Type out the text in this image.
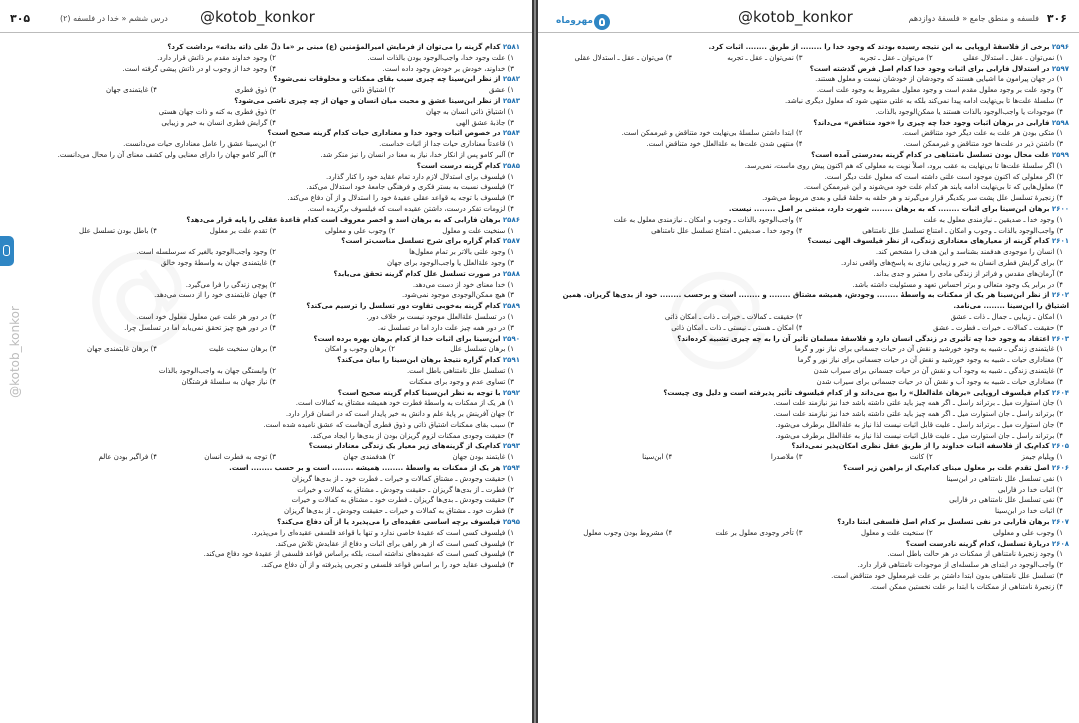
۳۰۵	@kotob_konkor
درس ششم « خدا در فلسفه (۲)
@kotob_konkor
۲۵۸۱ کدام گزینه را می‌توان از فرمایش امیرالمؤمنین (ع) مبنی بر «ما ذلّ علی ذاته بذاته» برداشت کرد؟
۱) علت وجود خدا، واجب‌الوجود بودن بالذات است.
۲) وجود خداوند مقدم بر ذاتش قرار دارد.
۳) خداوند، خودش بر خودش وجود داده است.
۴) وجود خدا از وجوب او در ذاتش پیشی گرفته است.
۲۵۸۲ از نظر ابن‌سینا چه چیزی سبب بقای ممکنات و مخلوقات نمی‌شود؟
۱) عشق
۲) اشتیاق ذاتی
۳) ذوق فطری
۴) غایتمندی جهان
۲۵۸۳ از نظر ابن‌سینا عشق و محبت میان انسان و جهان از چه چیزی ناشی می‌شود؟
۱) اشتیاق ذاتی انسان به جهان
۲) ذوق فطری به کنه و ذات جهان هستی
۳) جاذبهٔ عشق الهی
۴) گرایش فطری انسان به خیر و زیبایی
۲۵۸۴ در خصوص اثبات وجود خدا و معناداری حیات کدام گزینه صحیح است؟
۱) قاعدتاً معناداری حیات جدا از اثبات خداست.
۲) ابن‌سینا عشق را عامل معناداری حیات می‌دانست.
۳) آلبر کامو پس از انکار خدا، نیاز به معنا در انسان را نیز منکر شد.
۴) آلبر کامو جهان را دارای معنایی ولی کشف معنای آن را محال می‌دانست.
۲۵۸۵ کدام گزینه درست است؟
۱) فیلسوف برای استدلال لازم دارد تمام عقاید خود را کنار گذارد.
۲) فیلسوف نسبت به بستر فکری و فرهنگی جامعهٔ خود استدلال می‌کند.
۳) فیلسوف با توجه به قواعد عقلی عقیدهٔ خود را استدلال و از آن دفاع می‌کند.
۴) لزومات تفکر درست، داشتن عقیده است که فیلسوف برگزیده است.
۲۵۸۶ برهان فارابی که به برهان اسد و اخصر معروف است کدام قاعدهٔ عقلی را پایه قرار می‌دهد؟
۱) سنخیت علت و معلول
۲) وجوب علی و معلولی
۳) تقدم علت بر معلول
۴) باطل بودن تسلسل علل
۲۵۸۷ کدام گزاره برای شرح تسلسل مناسب‌تر است؟
۱) وجود علتی بالاتر بر تمام معلول‌ها
۲) وجود واجب‌الوجود بالغیر که سرسلسله است.
۳) وجود علةالعلل یا واجب‌الوجود برای جهان
۴) غایتمندی جهان به واسطهٔ وجود خالق
۲۵۸۸ در صورت تسلسل علل کدام گزینه تحقق می‌یابد؟
۱) خدا معنای خود از دست می‌دهد.
۲) پوچی زندگی را فرا می‌گیرد.
۳) هیچ ممکن‌الوجودی موجود نمی‌شود.
۴) جهان غایتمندی خود را از دست می‌دهد.
۲۵۸۹ کدام گزینه به‌خوبی تفاوت دور تسلسل را ترسیم می‌کند؟
۱) در تسلسل علةالعلل موجود نیست بر خلاف دور.
۲) در دور هر علت عین معلول معلول خود است.
۳) در دور همه چیز علت دارد اما در تسلسل نه.
۴) در دور هیچ چیز تحقق نمی‌یابد اما در تسلسل چرا.
۲۵۹۰ ابن‌سینا برای اثبات خدا از کدام برهان بهره برده است؟
۱) برهان تسلسل علل
۲) برهان وجوب و امکان
۳) برهان سنخیت علیت
۴) برهان غایتمندی جهان
۲۵۹۱ کدام گزاره نتیجهٔ برهان ابن‌سینا را بیان می‌کند؟
۱) تسلسل علل نامتناهی باطل است.
۲) وابستگی جهان به واجب‌الوجود بالذات
۳) تساوی عدم و وجود برای ممکنات
۴) نیاز جهان به سلسلهٔ فرشتگان
۲۵۹۲ با توجه به نظر ابن‌سینا کدام گزینه صحیح است؟
۱) هر یک از ممکنات به واسطهٔ فطرت خود همیشه مشتاق به کمالات است.
۲) جهان آفرینش بر پایهٔ علم و دانش به خیر پایدار است که در انسان قرار دارد.
۳) سبب بقای ممکنات اشتیاق ذاتی و ذوق فطری آن‌هاست که عشق نامیده شده است.
۴) حقیقت وجودی ممکنات لزوم گریزان بودن از بدی‌ها را ایجاد می‌کند.
۲۵۹۳ کدام‌یک از گزینه‌های زیر معیار یک زندگی معنادار نیست؟
۱) غایتمند بودن جهان
۲) هدفمندی جهان
۳) توجه به فطرت انسان
۴) فراگیر بودن عالم
۲۵۹۴ هر یک از ممکنات به واسطهٔ ........ همیشه ........ است و بر حسب ........ است.
۱) حقیقت وجودش ـ مشتاق کمالات و خیرات ـ فطرت خود ـ از بدی‌ها گریزان
۲) فطرت ـ از بدی‌ها گریزان ـ حقیقت وجودش ـ مشتاق به کمالات و خیرات
۳) حقیقت وجودش ـ بدی‌ها گریزان ـ فطرت خود ـ مشتاق به کمالات و خیرات
۴) فطرت خود ـ مشتاق به کمالات و خیرات ـ حقیقت وجودش ـ از بدی‌ها گریزان
۲۵۹۵ فیلسوف برچه اساسی عقیده‌ای را می‌پذیرد یا از آن دفاع می‌کند؟
۱) فیلسوف کسی است که عقیدهٔ خاصی ندارد و تنها با قواعد فلسفی عقیده‌ای را می‌پذیرد.
۲) فیلسوف کسی است که از هر راهی برای اثبات و دفاع از عقایدش تلاش می‌کند.
۳) فیلسوف کسی است که عقیده‌های نداشته است، بلکه براساس قواعد فلسفی از عقیدهٔ خود دفاع می‌کند.
۴) فیلسوف عقاید خود را بر اساس قواعد فلسفی و تجربی پذیرفته و از آن دفاع می‌کند.
مهروماه	@kotob_konkor	فلسفه و منطق جامع « فلسفهٔ دوازدهم ۳۰۶
۲۵۹۶ برخی از فلاسفهٔ اروپایی به این نتیجه رسیده بودند که وجود خدا را ........ از طریق ........ اثبات کرد.
۱) نمی‌توان ـ عقل ـ استدلال عقلی
۲) می‌توان ـ عقل ـ تجربه
۳) نمی‌توان ـ عقل ـ تجربه
۴) می‌توان ـ عقل ـ استدلال عقلی
۲۵۹۷ در استدلال فارابی برای اثبات وجود خدا کدام اصل فرض گذشته است؟
۱) در جهان پیرامون ما اشیایی هستند که وجودشان از خودشان نیست و معلول هستند.
۲) وجود علت بر وجود معلول مقدم است و وجود معلول مشروط به وجود علت است.
۳) سلسلهٔ علت‌ها تا بی‌نهایت ادامه پیدا نمی‌کند بلکه به علتی منتهی شود که معلول دیگری نباشد.
۴) موجودات یا واجب‌الوجود بالذات هستند یا ممکن‌الوجود بالذات.
۲۵۹۸ فارابی در برهان اثبات وجود خدا چه چیزی را «خود متناقض» می‌داند؟
۱) متکی بودن هر علت به علت دیگر خود متناقض است.
۲) ابتدا داشتن سلسلهٔ بی‌نهایت خود متناقض و غیرممکن است.
۳) داشتن ذیر در علت‌ها خود متناقض و غیرممکن است.
۴) منتهی شدن علت‌ها به علةالعلل خود متناقض است.
۲۵۹۹ علت محال بودن تسلسل نامتناهی در کدام گزینه به‌درستی آمده است؟
۱) اگر سلسلهٔ علت‌ها تا بی‌نهایت به عقب برود، اصلاً نوبت به معلولی که هم اکنون پیش روی ماست، نمی‌رسد.
۲) اگر معلولی که اکنون موجود است علتی داشته است که معلول علت دیگر است.
۳) معلول‌هایی که تا بی‌نهایت ادامه یابند هر کدام علت خود می‌شوند و این غیرممکن است.
۴) زنجیرهٔ تسلسل علل پشت سر یکدیگر قرار می‌گیرند و هر حلقه به حلقهٔ قبلی و بعدی مربوط می‌شود.
۲۶۰۰ برهان ابن‌سینا برای اثبات ........ که به برهان ........ شهرت دارد، مبتنی بر اصل ........ نیست.
۱) وجود خدا ـ صدیقین ـ نیازمندی معلول به علت
۲) واجب‌الوجود بالذات ـ وجوب و امکان ـ نیازمندی معلول به علت
۳) واجب‌الوجود بالذات ـ وجوب و امکان ـ امتناع تسلسل علل نامتناهی
۴) وجود خدا ـ صدیقین ـ امتناع تسلسل علل نامتناهی
۲۶۰۱ کدام گزینه از معیارهای معناداری زندگی، از نظر فیلسوف الهی نیست؟
۱) انسان را موجودی هدفمند بشناسد و این هدف را مشخص کند.
۲) برای گرایش فطری انسان به خیر و زیبایی نیازی به پاسخ‌های واقعی ندارد.
۳) آرمان‌های مقدس و فراتر از زندگی مادی را معتبر و جدی بداند.
۴) در برابر یک وجود متعالی و برتر احساس تعهد و مسئولیت داشته باشد.
۲۶۰۲ از نظر ابن‌سینا هر یک از ممکنات به واسطهٔ ........ وجودش، همیشه مشتاق ........ و ........ است و برحسب ........ خود از بدی‌ها گریزان. همین اشتیاق را ابن‌سینا ........ می‌نامد.
۱) امکان ـ زیبایی ـ جمال ـ ذات ـ عشق
۲) حقیقت ـ کمالات ـ خیرات ـ ذات ـ امکان ذاتی
۳) حقیقت ـ کمالات ـ خیرات ـ فطرت ـ عشق
۴) امکان ـ هستی ـ نیستی ـ ذات ـ امکان ذاتی
۲۶۰۳ اعتقاد به وجود خدا چه تأثیری در زندگی انسان دارد و فلاسفهٔ مسلمان تأثیر آن را به چه چیزی تشبیه کرده‌اند؟
۱) غایتمندی زندگی ـ شبیه به وجود خورشید و نقش آن در حیات جسمانی برای نیاز نور و گرما
۲) معناداری حیات ـ شبیه به وجود خورشید و نقش آن در حیات جسمانی برای نیاز نور و گرما
۳) غایتمندی زندگی ـ شبیه به وجود آب و نقش آن در حیات جسمانی برای سیراب شدن
۴) معناداری حیات ـ شبیه به وجود آب و نقش آن در حیات جسمانی برای سیراب شدن
۲۶۰۴ کدام فیلسوف اروپایی «برهان علةالعلل» را بیچ می‌داند و از کدام فیلسوف تأثیر پذیرفته است و دلیل وی چیست؟
۱) جان استوارت میل ـ برتراند راسل ـ اگر همه چیز باید علتی داشته باشد خدا نیز نیازمند علت است.
۲) برتراند راسل ـ جان استوارت میل ـ اگر همه چیز باید علتی داشته باشد خدا نیز نیازمند علت است.
۳) جان استوارت میل ـ برتراند راسل ـ علیت قابل اثبات نیست لذا نیاز به علةالعلل برطرف می‌شود.
۴) برتراند راسل ـ جان استوارت میل ـ علیت قابل اثبات نیست لذا نیاز به علةالعلل برطرف می‌شود.
۲۶۰۵ کدام‌یک از فلاسفه اثبات خداوند را از طریق عقل نظری امکان‌پذیر نمی‌داند؟
۱) ویلیام جیمز
۲) کانت
۳) ملاصدرا
۴) ابن‌سینا
۲۶۰۶ اصل تقدم علت بر معلول مبنای کدام‌یک از براهین زیر است؟
۱) نفی تسلسل علل نامتناهی در ابن‌سینا
۲) اثبات خدا در فارابی
۳) نفی تسلسل علل نامتناهی در فارابی
۴) اثبات خدا در ابن‌سینا
۲۶۰۷ برهان فارابی در نفی تسلسل بر کدام اصل فلسفی ابتنا دارد؟
۱) وجوب علی و معلولی
۲) سنخیت علت و معلول
۳) تأخر وجودی معلول بر علت
۴) مشروط بودن وجوب معلول
۲۶۰۸ دربارهٔ تسلسل، کدام گزینه نادرست است؟
۱) وجود زنجیرهٔ نامتناهی از ممکنات در هر حالت باطل است.
۲) واجب‌الوجود در ابتدای هر سلسله‌ای از موجودات نامتناهی قرار دارد.
۳) تسلسل علل نامتناهی بدون ابتدا داشتن بر علت غیرمعلول خود متناقض است.
۴) زنجیرهٔ نامتناهی از ممکنات با ابتدا بر علت نخستین ممکن است.
